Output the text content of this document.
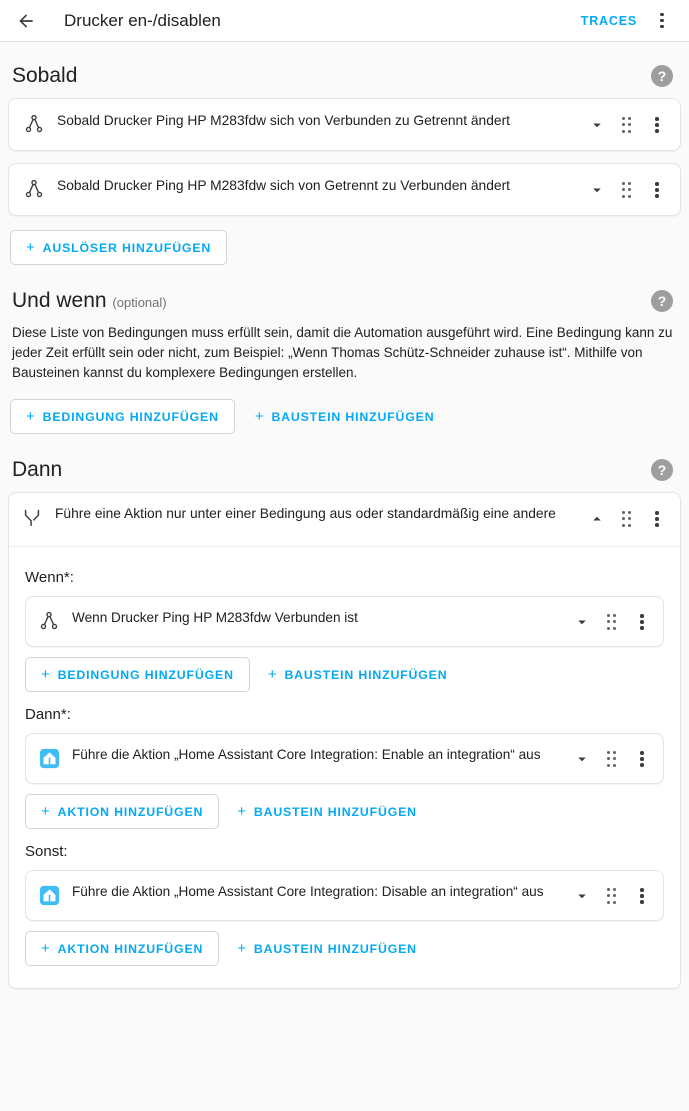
Drucker en-/disablen	TRACES
Sobald	?
Sobald Drucker Ping HP M283fdw sich von Verbunden zu Getrennt ändert
Sobald Drucker Ping HP M283fdw sich von Getrennt zu Verbunden ändert
+ AUSLÖSER HINZUFÜGEN
Und wenn (optional)	?
Diese Liste von Bedingungen muss erfüllt sein, damit die Automation ausgeführt wird. Eine Bedingung kann zu jeder Zeit erfüllt sein oder nicht, zum Beispiel: „Wenn Thomas Schütz-Schneider zuhause ist“. Mithilfe von Bausteinen kannst du komplexere Bedingungen erstellen.
+ BEDINGUNG HINZUFÜGEN + BAUSTEIN HINZUFÜGEN
Dann	?
Führe eine Aktion nur unter einer Bedingung aus oder standardmäßig eine andere
Wenn*:
Wenn Drucker Ping HP M283fdw Verbunden ist
+ BEDINGUNG HINZUFÜGEN + BAUSTEIN HINZUFÜGEN
Dann*:
Führe die Aktion „Home Assistant Core Integration: Enable an integration“ aus
+ AKTION HINZUFÜGEN + BAUSTEIN HINZUFÜGEN
Sonst:
Führe die Aktion „Home Assistant Core Integration: Disable an integration“ aus
+ AKTION HINZUFÜGEN + BAUSTEIN HINZUFÜGEN
